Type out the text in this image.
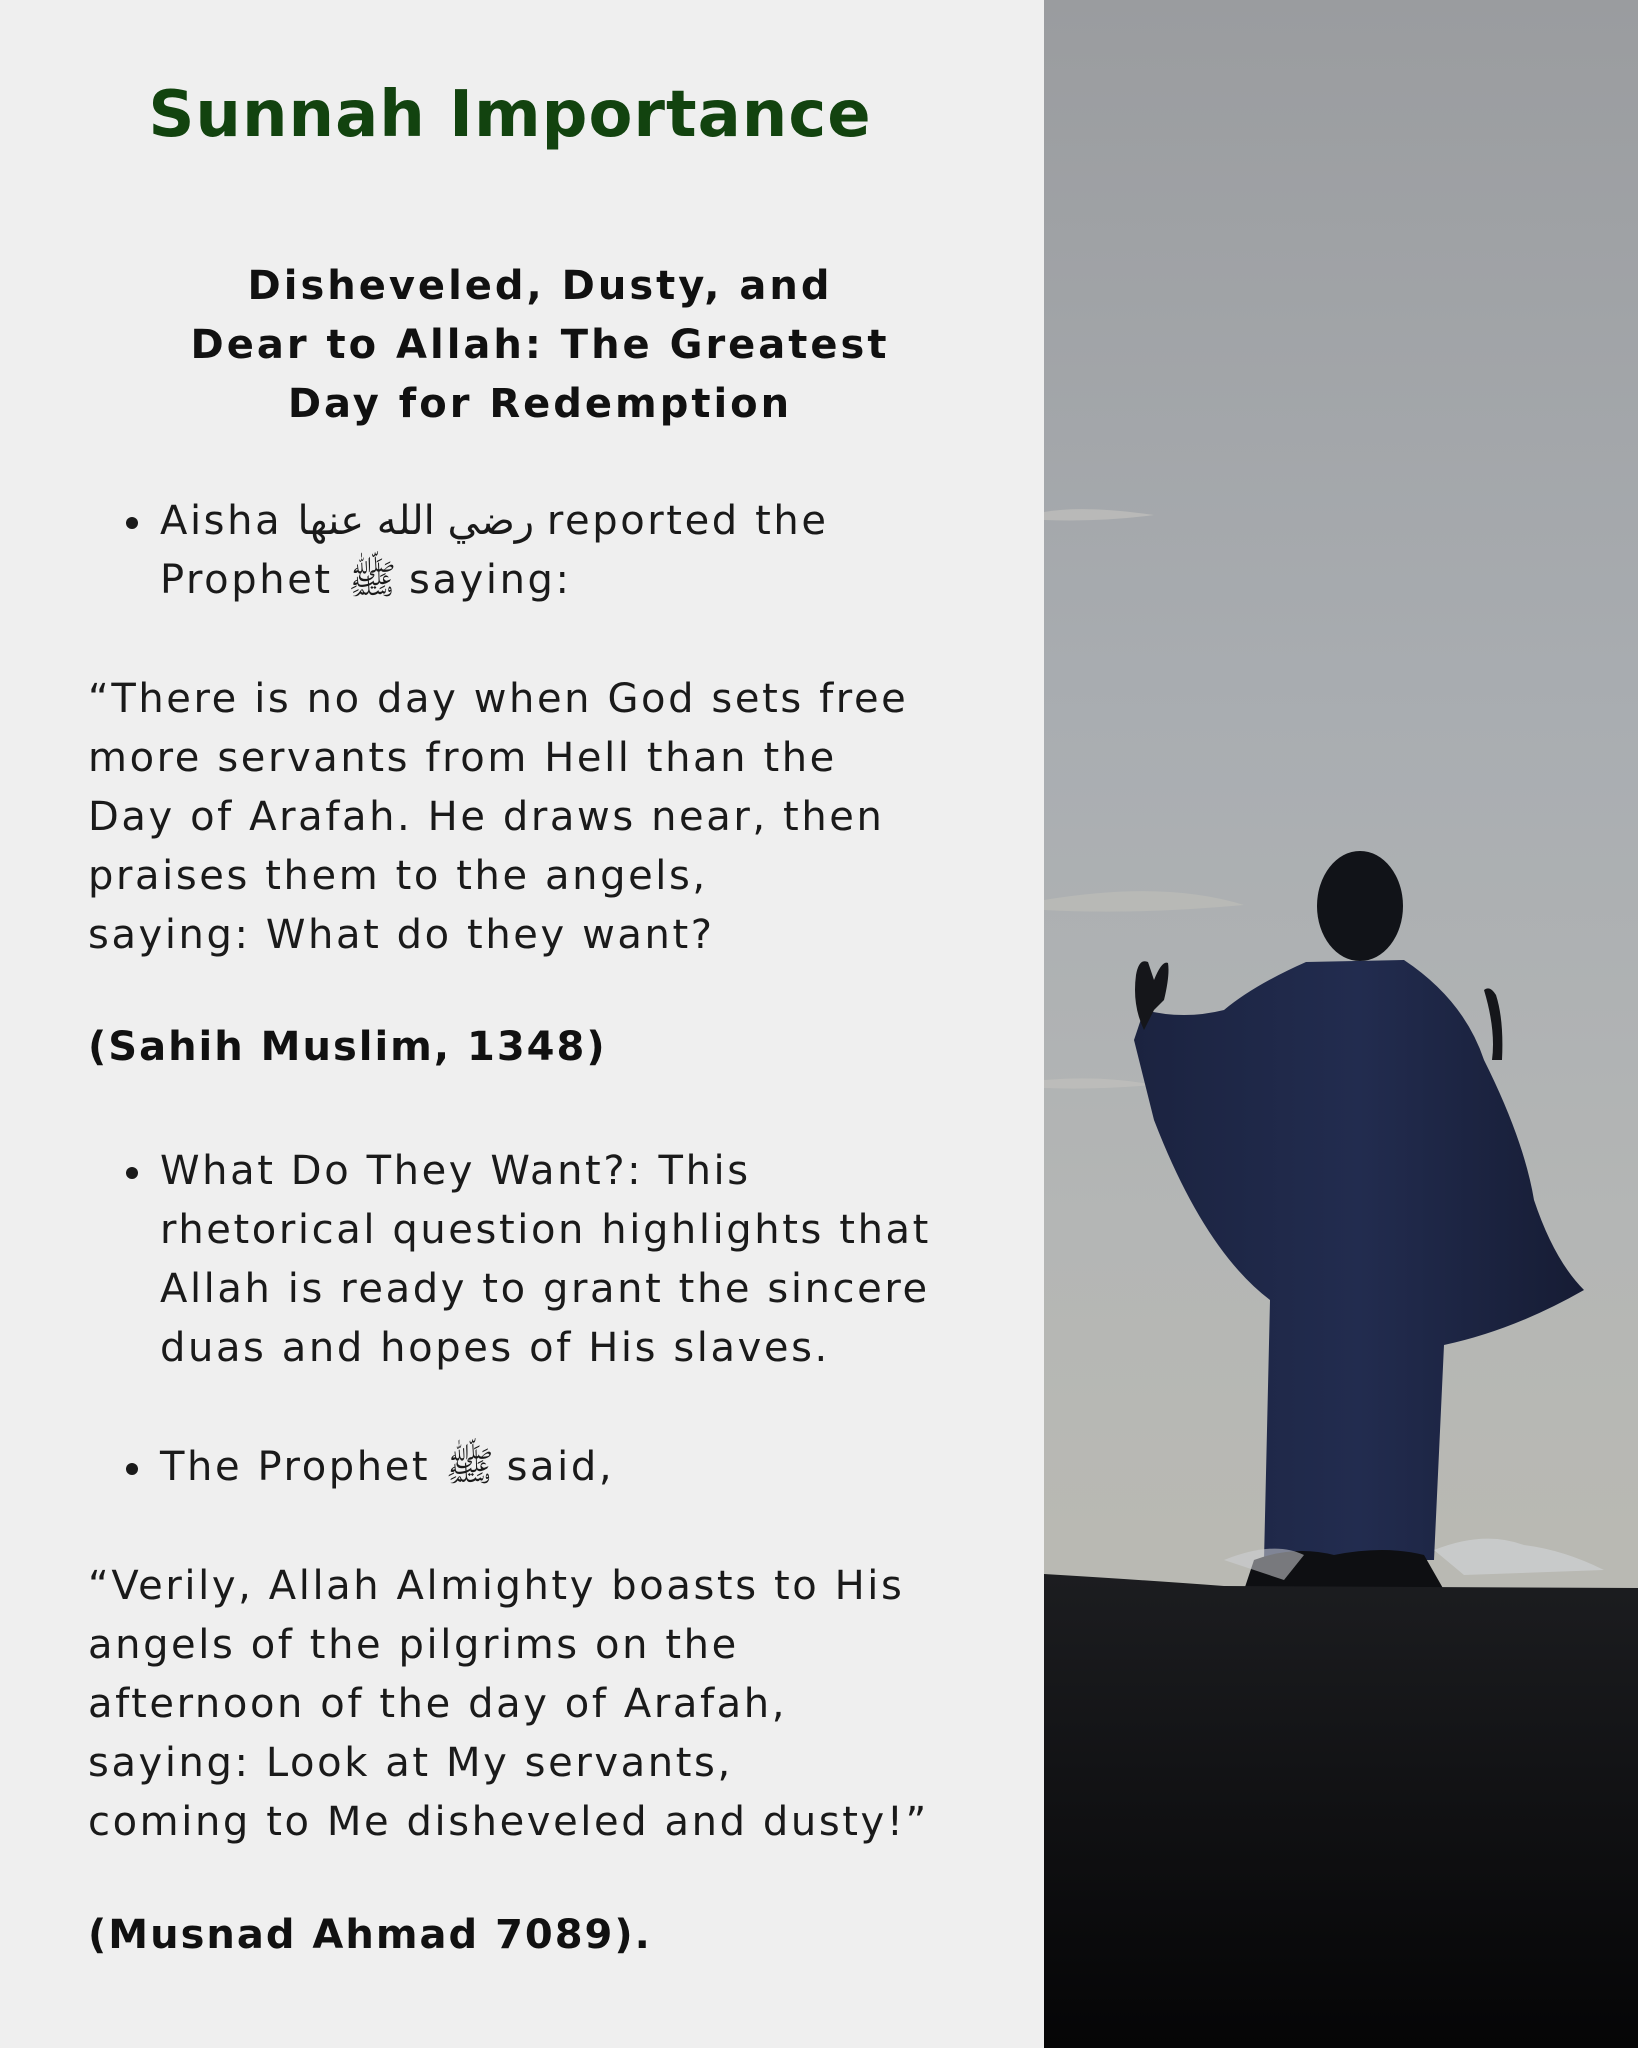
Sunnah Importance
Disheveled, Dusty, and
Dear to Allah: The Greatest
Day for Redemption
Aisha رضي الله عنها reported the
Prophet ﷺ saying:
“There is no day when God sets free
more servants from Hell than the
Day of Arafah. He draws near, then
praises them to the angels,
saying: What do they want?
(Sahih Muslim, 1348)
What Do They Want?: This
rhetorical question highlights that
Allah is ready to grant the sincere
duas and hopes of His slaves.
The Prophet ﷺ said,
“Verily, Allah Almighty boasts to His
angels of the pilgrims on the
afternoon of the day of Arafah,
saying: Look at My servants,
coming to Me disheveled and dusty!”
(Musnad Ahmad 7089).
